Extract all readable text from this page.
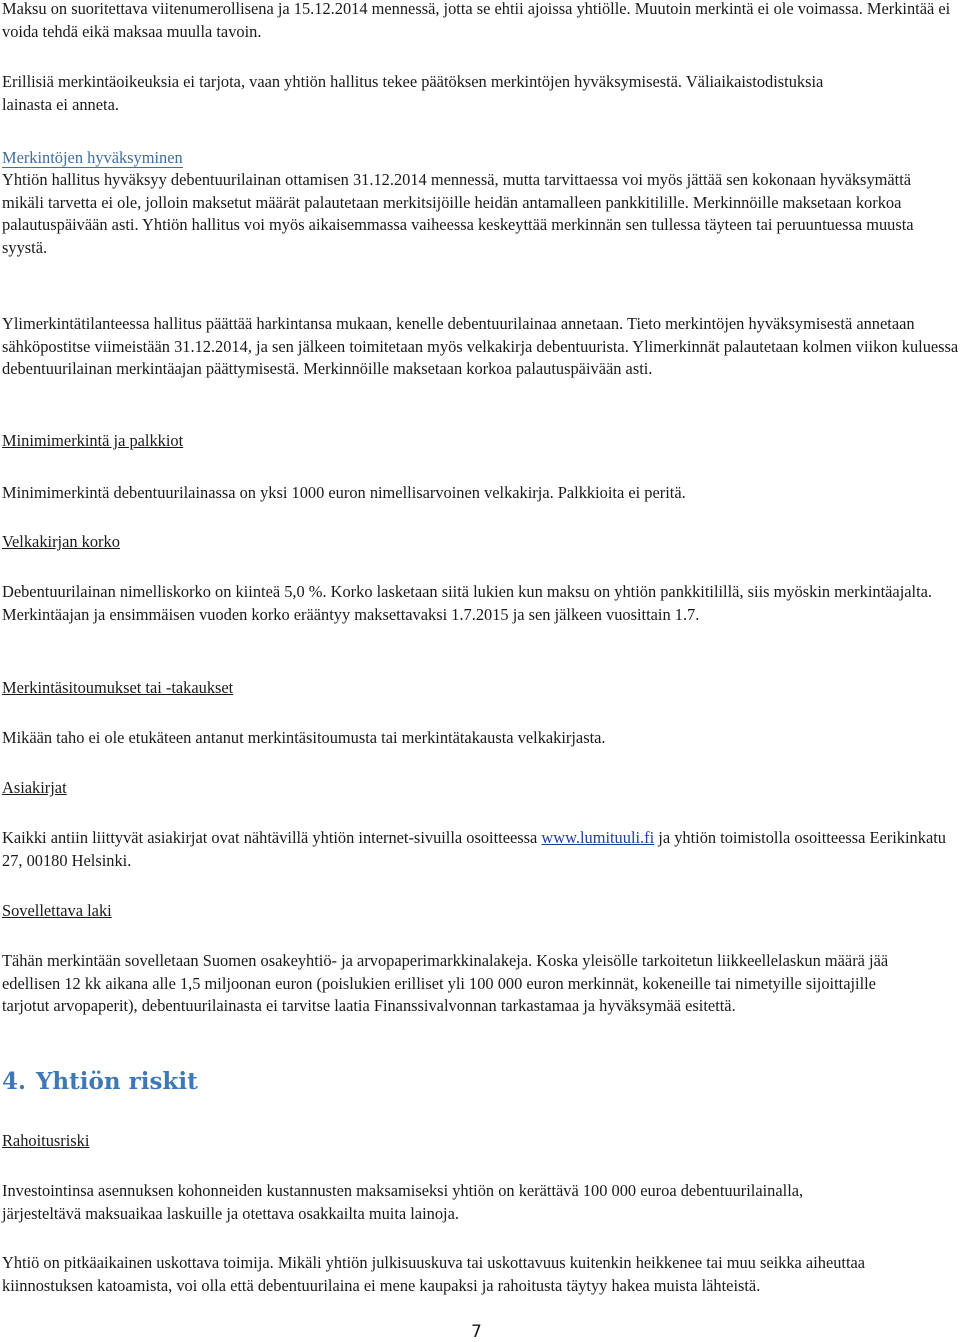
Maksu on suoritettava viitenumerollisena ja 15.12.2014 mennessä, jotta se ehtii ajoissa yhtiölle. Muutoin merkintä ei ole voimassa. Merkintää ei voida tehdä eikä maksaa muulla tavoin.

Erillisiä merkintäoikeuksia ei tarjota, vaan yhtiön hallitus tekee päätöksen merkintöjen hyväksymisestä. Väliaikaistodistuksia lainasta ei anneta.

Merkintöjen hyväksyminen

Yhtiön hallitus hyväksyy debentuurilainan ottamisen 31.12.2014 mennessä, mutta tarvittaessa voi myös jättää sen kokonaan hyväksymättä mikäli tarvetta ei ole, jolloin maksetut määrät palautetaan merkitsijöille heidän antamalleen pankkitilille. Merkinnöille maksetaan korkoa palautuspäivään asti. Yhtiön hallitus voi myös aikaisemmassa vaiheessa keskeyttää merkinnän sen tullessa täyteen tai peruuntuessa muusta syystä.

Ylimerkintätilanteessa hallitus päättää harkintansa mukaan, kenelle debentuurilainaa annetaan. Tieto merkintöjen hyväksymisestä annetaan sähköpostitse viimeistään 31.12.2014, ja sen jälkeen toimitetaan myös velkakirja debentuurista. Ylimerkinnät palautetaan kolmen viikon kuluessa debentuurilainan merkintäajan päättymisestä. Merkinnöille maksetaan korkoa palautuspäivään asti.

Minimimerkintä ja palkkiot

Minimimerkintä debentuurilainassa on yksi 1000 euron nimellisarvoinen velkakirja. Palkkioita ei peritä.

Velkakirjan korko

Debentuurilainan nimelliskorko on kiinteä 5,0 %. Korko lasketaan siitä lukien kun maksu on yhtiön pankkitilillä, siis myöskin merkintäajalta. Merkintäajan ja ensimmäisen vuoden korko erääntyy maksettavaksi 1.7.2015 ja sen jälkeen vuosittain 1.7.

Merkintäsitoumukset tai -takaukset

Mikään taho ei ole etukäteen antanut merkintäsitoumusta tai merkintätakausta velkakirjasta.

Asiakirjat

Kaikki antiin liittyvät asiakirjat ovat nähtävillä yhtiön internet-sivuilla osoitteessa www.lumituuli.fi ja yhtiön toimistolla osoitteessa Eerikinkatu 27, 00180 Helsinki.

Sovellettava laki

Tähän merkintään sovelletaan Suomen osakeyhtiö- ja arvopaperimarkkinalakeja. Koska yleisölle tarkoitetun liikkeellelaskun määrä jää edellisen 12 kk aikana alle 1,5 miljoonan euron (poislukien erilliset yli 100 000 euron merkinnät, kokeneille tai nimetyille sijoittajille tarjotut arvopaperit), debentuurilainasta ei tarvitse laatia Finanssivalvonnan tarkastamaa ja hyväksymää esitettä.

4. Yhtiön riskit
Rahoitusriski

Investointinsa asennuksen kohonneiden kustannusten maksamiseksi yhtiön on kerättävä 100 000 euroa debentuurilainalla, järjesteltävä maksuaikaa laskuille ja otettava osakkailta muita lainoja.

Yhtiö on pitkäaikainen uskottava toimija. Mikäli yhtiön julkisuuskuva tai uskottavuus kuitenkin heikkenee tai muu seikka aiheuttaa kiinnostuksen katoamista, voi olla että debentuurilaina ei mene kaupaksi ja rahoitusta täytyy hakea muista lähteistä.

7
